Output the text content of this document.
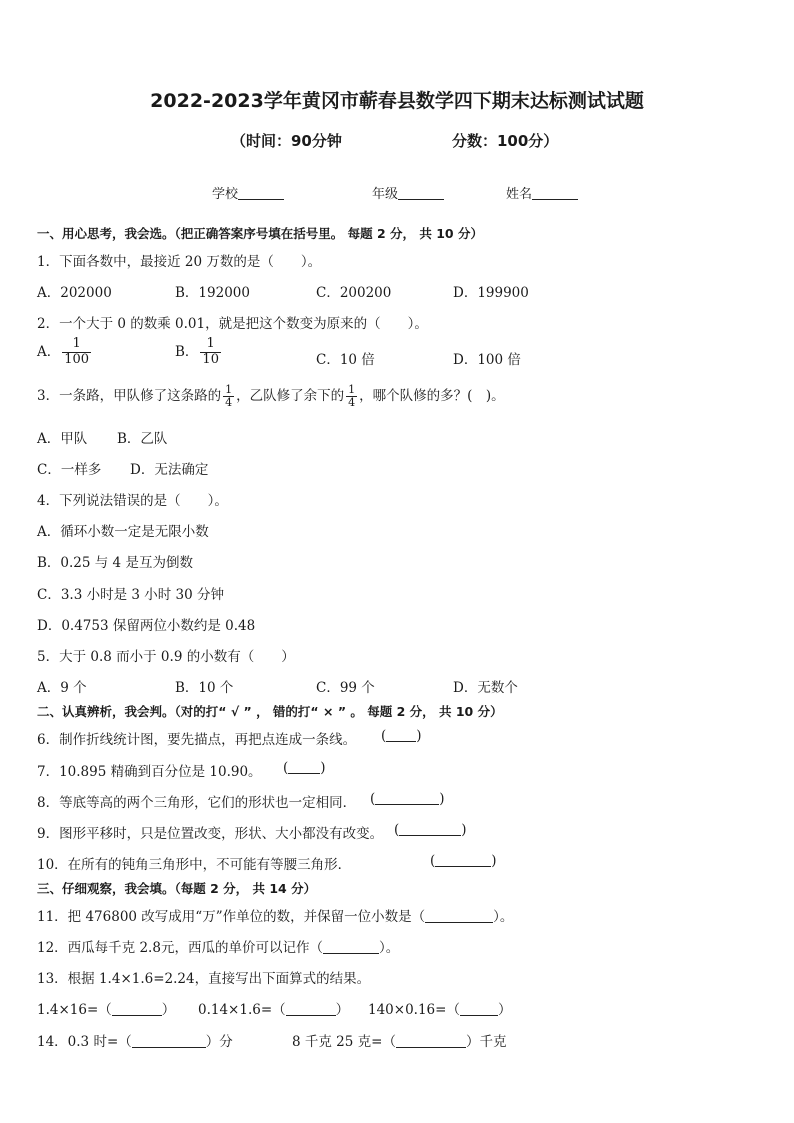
2022-2023学年黄冈市蕲春县数学四下期末达标测试试题
（时间：90分钟	分数：100分）
学校	年级	姓名
一、用心思考，我会选。（把正确答案序号填在括号里。 每题 2 分， 共 10 分）
1．下面各数中，最接近 20 万数的是（　　）。
A．202000	B．192000	C．200200	D．199900
2．一个大于 0 的数乘 0.01，就是把这个数变为原来的（　　）。
A． $\frac{1}{100}$	B． $\frac{1}{10}$	C．10 倍	D．100 倍
3．一条路，甲队修了这条路的 $\frac{1}{4}$ ，乙队修了余下的 $\frac{1}{4}$ ，哪个队修的多？(　)。
A．甲队 B．乙队
C．一样多 D．无法确定
4．下列说法错误的是（　　）。
A．循环小数一定是无限小数
B．0.25 与 4 是互为倒数
C．3.3 小时是 3 小时 30 分钟
D．0.4753 保留两位小数约是 0.48
5．大于 0.8 而小于 0.9 的小数有（　　）
A．9 个	B．10 个	C．99 个	D．无数个
二、认真辨析，我会判。（对的打“ √ ” ， 错的打“ × ” 。 每题 2 分， 共 10 分）
6．制作折线统计图，要先描点，再把点连成一条线。 ( )
7．10.895 精确到百分位是 10.90。 ( )
8．等底等高的两个三角形，它们的形状也一定相同． (	)
9．图形平移时，只是位置改变，形状、大小都没有改变。 (	)
10．在所有的钝角三角形中，不可能有等腰三角形．	(	)
三、仔细观察，我会填。（每题 2 分， 共 14 分）
11．把 476800 改写成用“万”作单位的数，并保留一位小数是（	）。
12．西瓜每千克 2.8元，西瓜的单价可以记作（	）。
13．根据 1.4×1.6=2.24，直接写出下面算式的结果。
1.4×16=（	） 0.14×1.6=（	） 140×0.16=（	）
14．0.3 时=（	）分	8 千克 25 克=（	）千克
